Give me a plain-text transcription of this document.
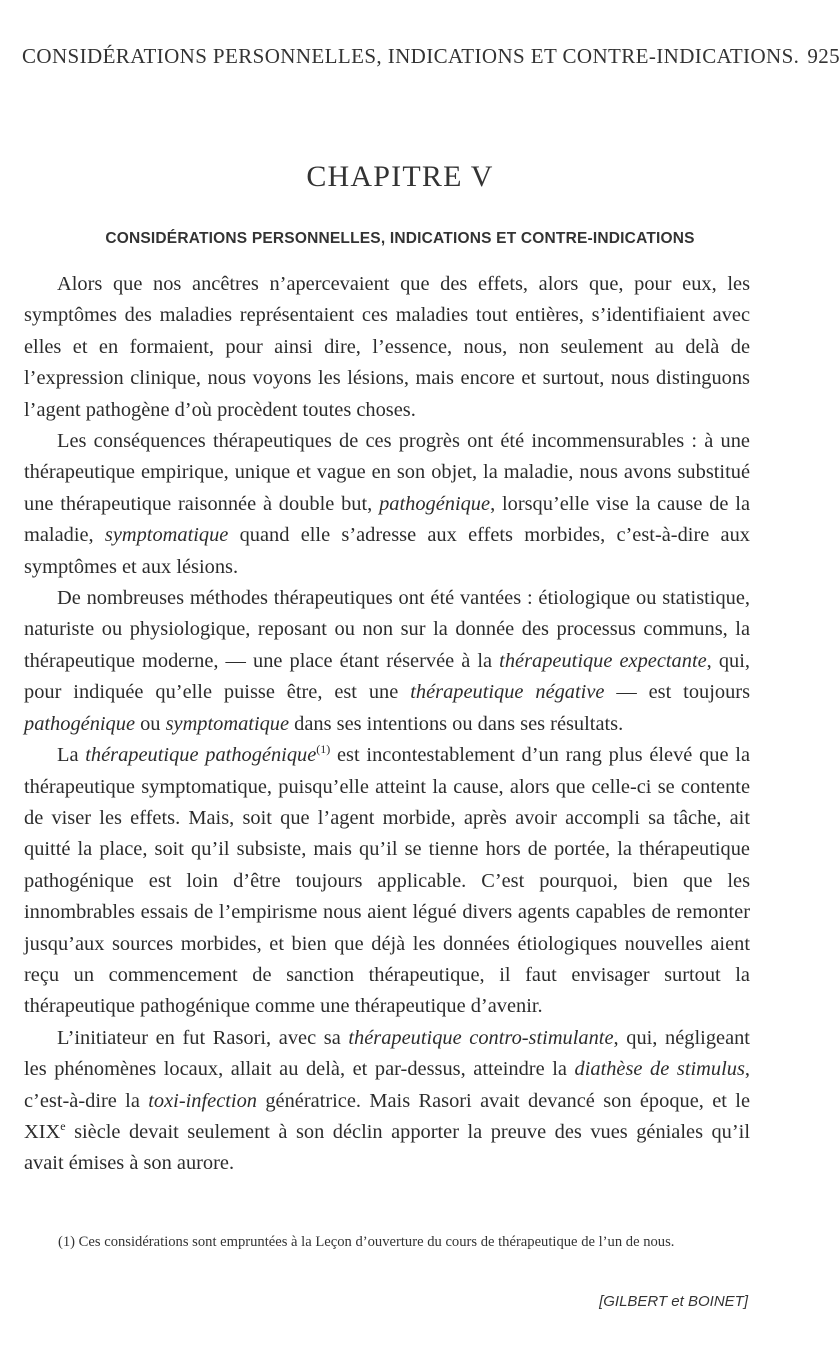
CONSIDÉRATIONS PERSONNELLES, INDICATIONS ET CONTRE-INDICATIONS. 925
CHAPITRE V
CONSIDÉRATIONS PERSONNELLES, INDICATIONS ET CONTRE-INDICATIONS

Alors que nos ancêtres n’apercevaient que des effets, alors que, pour eux, les symptômes des maladies représentaient ces maladies tout entières, s’identifiaient avec elles et en formaient, pour ainsi dire, l’essence, nous, non seulement au delà de l’expression clinique, nous voyons les lésions, mais encore et surtout, nous distinguons l’agent pathogène d’où procèdent toutes choses.

Les conséquences thérapeutiques de ces progrès ont été incommensurables : à une thérapeutique empirique, unique et vague en son objet, la maladie, nous avons substitué une thérapeutique raisonnée à double but, pathogénique, lorsqu’elle vise la cause de la maladie, symptomatique quand elle s’adresse aux effets morbides, c’est-à-dire aux symptômes et aux lésions.

De nombreuses méthodes thérapeutiques ont été vantées : étiologique ou statistique, naturiste ou physiologique, reposant ou non sur la donnée des processus communs, la thérapeutique moderne, — une place étant réservée à la thérapeutique expectante, qui, pour indiquée qu’elle puisse être, est une thérapeutique négative — est toujours pathogénique ou symptomatique dans ses intentions ou dans ses résultats.

La thérapeutique pathogénique$^{(1)}$ est incontestablement d’un rang plus élevé que la thérapeutique symptomatique, puisqu’elle atteint la cause, alors que celle-ci se contente de viser les effets. Mais, soit que l’agent morbide, après avoir accompli sa tâche, ait quitté la place, soit qu’il subsiste, mais qu’il se tienne hors de portée, la thérapeutique pathogénique est loin d’être toujours applicable. C’est pourquoi, bien que les innombrables essais de l’empirisme nous aient légué divers agents capables de remonter jusqu’aux sources morbides, et bien que déjà les données étiologiques nouvelles aient reçu un commencement de sanction thérapeutique, il faut envisager surtout la thérapeutique pathogénique comme une thérapeutique d’avenir.

L’initiateur en fut Rasori, avec sa thérapeutique contro-stimulante, qui, négligeant les phénomènes locaux, allait au delà, et par-dessus, atteindre la diathèse de stimulus, c’est-à-dire la toxi-infection génératrice. Mais Rasori avait devancé son époque, et le XIXe siècle devait seulement à son déclin apporter la preuve des vues géniales qu’il avait émises à son aurore.

(1) Ces considérations sont empruntées à la Leçon d’ouverture du cours de thérapeutique de l’un de nous.

[GILBERT et BOINET]
